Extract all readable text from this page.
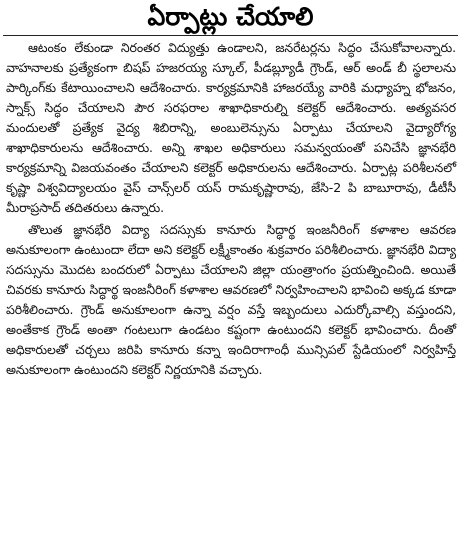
ఏర్పాట్లు చేయాలి

ఆటంకం లేకుండా నిరంతర విద్యుత్తు ఉండాలని, జనరేటర్లను సిద్ధం చేసుకోవాలన్నారు. వాహనాలకు ప్రత్యేకంగా బిషప్ హజరయ్య స్కూల్, పీడబ్ల్యూడీ గ్రౌండ్, ఆర్ అండ్ బీ స్థలాలను పార్కింగ్‌కు కేటాయించాలని ఆదేశించారు. కార్యక్రమానికి హాజరయ్యే వారికి మధ్యాహ్న భోజనం, స్నాక్స్ సిద్ధం చేయాలని పౌర సరఫరాల శాఖాధికారుల్ని కలెక్టర్ ఆదేశించారు. అత్యవసర మందులతో ప్రత్యేక వైద్య శిబిరాన్ని, అంబులెన్సును ఏర్పాటు చేయాలని వైద్యారోగ్య శాఖాధికారులను ఆదేశించారు. అన్ని శాఖల అధికారులు సమన్వయంతో పనిచేసి జ్ఞానభేరి కార్యక్రమాన్ని విజయవంతం చేయాలని కలెక్టర్ అధికారులను ఆదేశించారు. ఏర్పాట్ల పరిశీలనలో కృష్ణా విశ్వవిద్యాలయం వైస్ చాన్స్‌లర్ యస్ రామకృష్ణారావు, జేసి-2 పి బాబూరావు, డీటీసీ మీరాప్రసాద్ తదితరులు ఉన్నారు.

తొలుత జ్ఞానభేరి విద్యా సదస్సుకు కానూరు సిద్ధార్థ ఇంజనీరింగ్ కళాశాల ఆవరణ అనుకూలంగా ఉంటుందా లేదా అని కలెక్టర్ లక్ష్మీకాంతం శుక్రవారం పరిశీలించారు. జ్ఞానభేరి విద్యా సదస్సును మొదట బందరులో ఏర్పాటు చేయాలని జిల్లా యంత్రాంగం ప్రయత్నించింది. అయితే చివరకు కానూరు సిద్ధార్థ ఇంజనీరింగ్ కళాశాల ఆవరణలో నిర్వహించాలని భావించి అక్కడ కూడా పరిశీలించారు. గ్రౌండ్ అనుకూలంగా ఉన్నా వర్షం వస్తే ఇబ్బందులు ఎదుర్కోవాల్సి వస్తుందని, అంతేకాక గ్రౌండ్ అంతా గంటలుగా ఉండటం కష్టంగా ఉంటుందని కలెక్టర్ భావించారు. దీంతో అధికారులతో చర్చలు జరిపి కానూరు కన్నా ఇందిరాగాంధీ మున్సిపల్ స్టేడియంలో నిర్వహిస్తే అనుకూలంగా ఉంటుందని కలెక్టర్ నిర్ణయానికి వచ్చారు.
